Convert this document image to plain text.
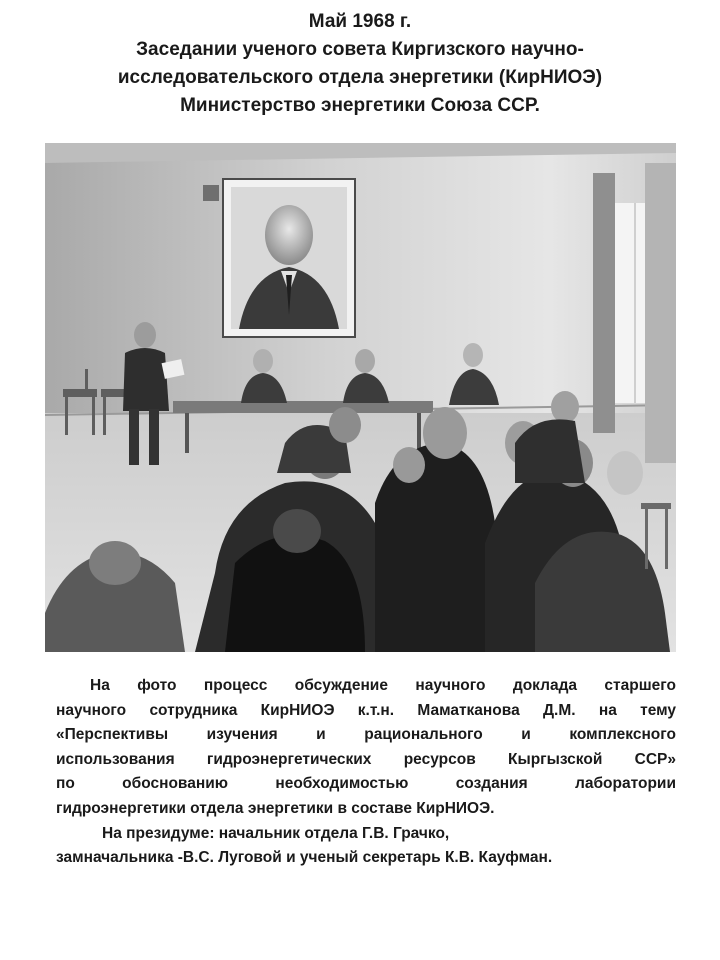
Май 1968 г.
Заседании ученого совета Киргизского научно-
исследовательского отдела энергетики (КирНИОЭ)
Министерство энергетики Союза ССР.
На фото процесс обсуждение научного доклада старшего
научного сотрудника КирНИОЭ к.т.н. Маматканова Д.М. на тему
«Перспективы изучения и рационального и комплексного
использования гидроэнергетических ресурсов Кыргызской ССР»
по обоснованию необходимостью создания лаборатории
гидроэнергетики отдела энергетики в составе КирНИОЭ.
На президуме: начальник отдела Г.В. Грачко,
замначальника -В.С. Луговой и ученый секретарь К.В. Кауфман.
